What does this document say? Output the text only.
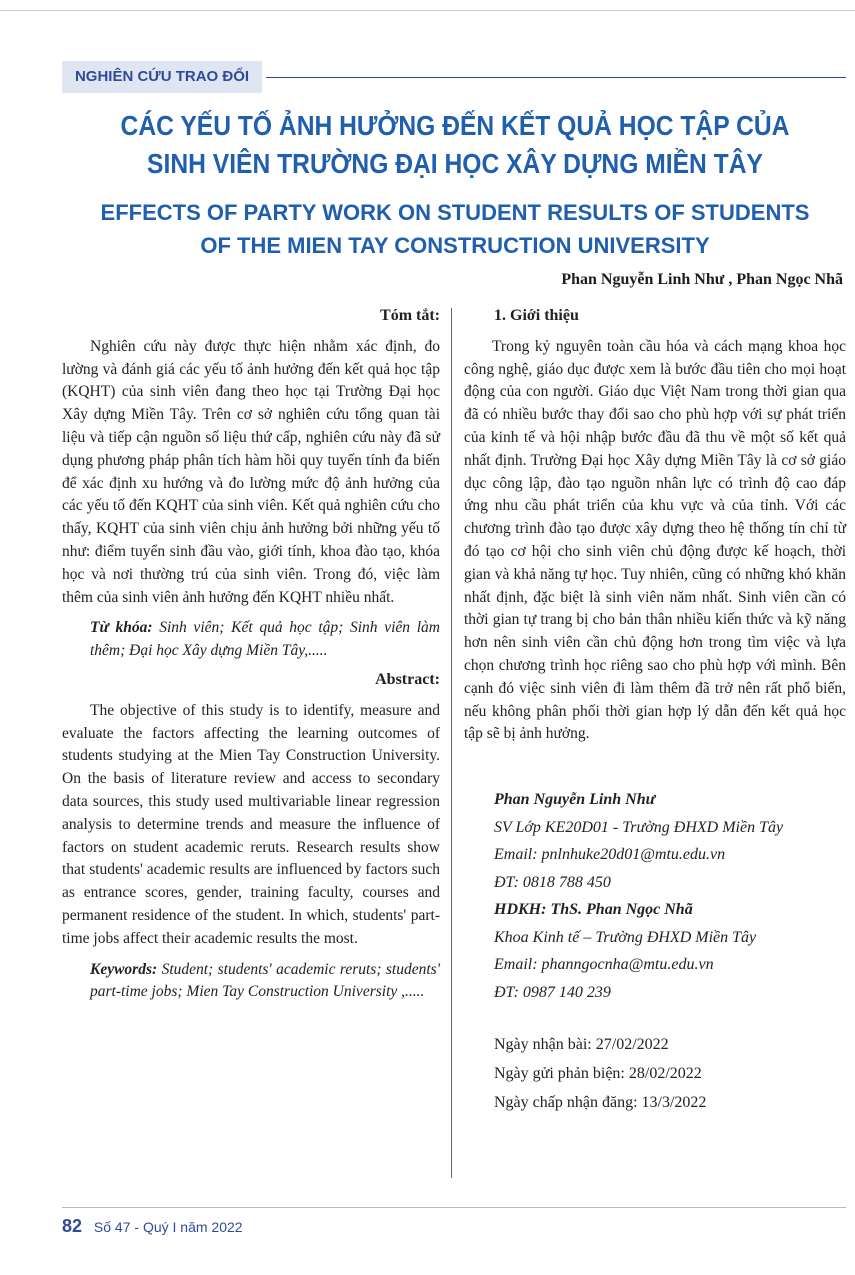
NGHIÊN CỨU TRAO ĐỔI
CÁC YẾU TỐ ẢNH HƯỞNG ĐẾN KẾT QUẢ HỌC TẬP CỦA
SINH VIÊN TRƯỜNG ĐẠI HỌC XÂY DỰNG MIỀN TÂY
EFFECTS OF PARTY WORK ON STUDENT RESULTS OF STUDENTS
OF THE MIEN TAY CONSTRUCTION UNIVERSITY
Phan Nguyễn Linh Như , Phan Ngọc Nhã
Tóm tắt:

Nghiên cứu này được thực hiện nhằm xác định, đo lường và đánh giá các yếu tố ảnh hưởng đến kết quả học tập (KQHT) của sinh viên đang theo học tại Trường Đại học Xây dựng Miền Tây. Trên cơ sở nghiên cứu tổng quan tài liệu và tiếp cận nguồn số liệu thứ cấp, nghiên cứu này đã sử dụng phương pháp phân tích hàm hồi quy tuyến tính đa biến để xác định xu hướng và đo lường mức độ ảnh hưởng của các yếu tố đến KQHT của sinh viên. Kết quả nghiên cứu cho thấy, KQHT của sinh viên chịu ảnh hưởng bởi những yếu tố như: điểm tuyển sinh đầu vào, giới tính, khoa đào tạo, khóa học và nơi thường trú của sinh viên. Trong đó, việc làm thêm của sinh viên ảnh hưởng đến KQHT nhiều nhất.

Từ khóa: Sinh viên; Kết quả học tập; Sinh viên làm thêm; Đại học Xây dựng Miền Tây,.....
Abstract:

The objective of this study is to identify, measure and evaluate the factors affecting the learning outcomes of students studying at the Mien Tay Construction University. On the basis of literature review and access to secondary data sources, this study used multivariable linear regression analysis to determine trends and measure the influence of factors on student academic reruts. Research results show that students' academic results are influenced by factors such as entrance scores, gender, training faculty, courses and permanent residence of the student. In which, students' part-time jobs affect their academic results the most.

Keywords: Student; students' academic reruts; students' part-time jobs; Mien Tay Construction University ,.....
1. Giới thiệu

Trong kỷ nguyên toàn cầu hóa và cách mạng khoa học công nghệ, giáo dục được xem là bước đầu tiên cho mọi hoạt động của con người. Giáo dục Việt Nam trong thời gian qua đã có nhiều bước thay đổi sao cho phù hợp với sự phát triển của kinh tế và hội nhập bước đầu đã thu về một số kết quả nhất định. Trường Đại học Xây dựng Miền Tây là cơ sở giáo dục công lập, đào tạo nguồn nhân lực có trình độ cao đáp ứng nhu cầu phát triển của khu vực và của tỉnh. Với các chương trình đào tạo được xây dựng theo hệ thống tín chỉ từ đó tạo cơ hội cho sinh viên chủ động được kế hoạch, thời gian và khả năng tự học. Tuy nhiên, cũng có những khó khăn nhất định, đặc biệt là sinh viên năm nhất. Sinh viên cần có thời gian tự trang bị cho bản thân nhiều kiến thức và kỹ năng hơn nên sinh viên cần chủ động hơn trong tìm việc và lựa chọn chương trình học riêng sao cho phù hợp với mình. Bên cạnh đó việc sinh viên đi làm thêm đã trở nên rất phổ biến, nếu không phân phối thời gian hợp lý dẫn đến kết quả học tập sẽ bị ảnh hưởng.

Phan Nguyễn Linh Như
SV Lớp KE20D01 - Trường ĐHXD Miền Tây
Email: pnlnhuke20d01@mtu.edu.vn
ĐT: 0818 788 450
HDKH: ThS. Phan Ngọc Nhã
Khoa Kinh tế – Trường ĐHXD Miền Tây
Email: phanngocnha@mtu.edu.vn
ĐT: 0987 140 239
Ngày nhận bài: 27/02/2022
Ngày gửi phản biện: 28/02/2022
Ngày chấp nhận đăng: 13/3/2022
82 Số 47 - Quý I năm 2022
